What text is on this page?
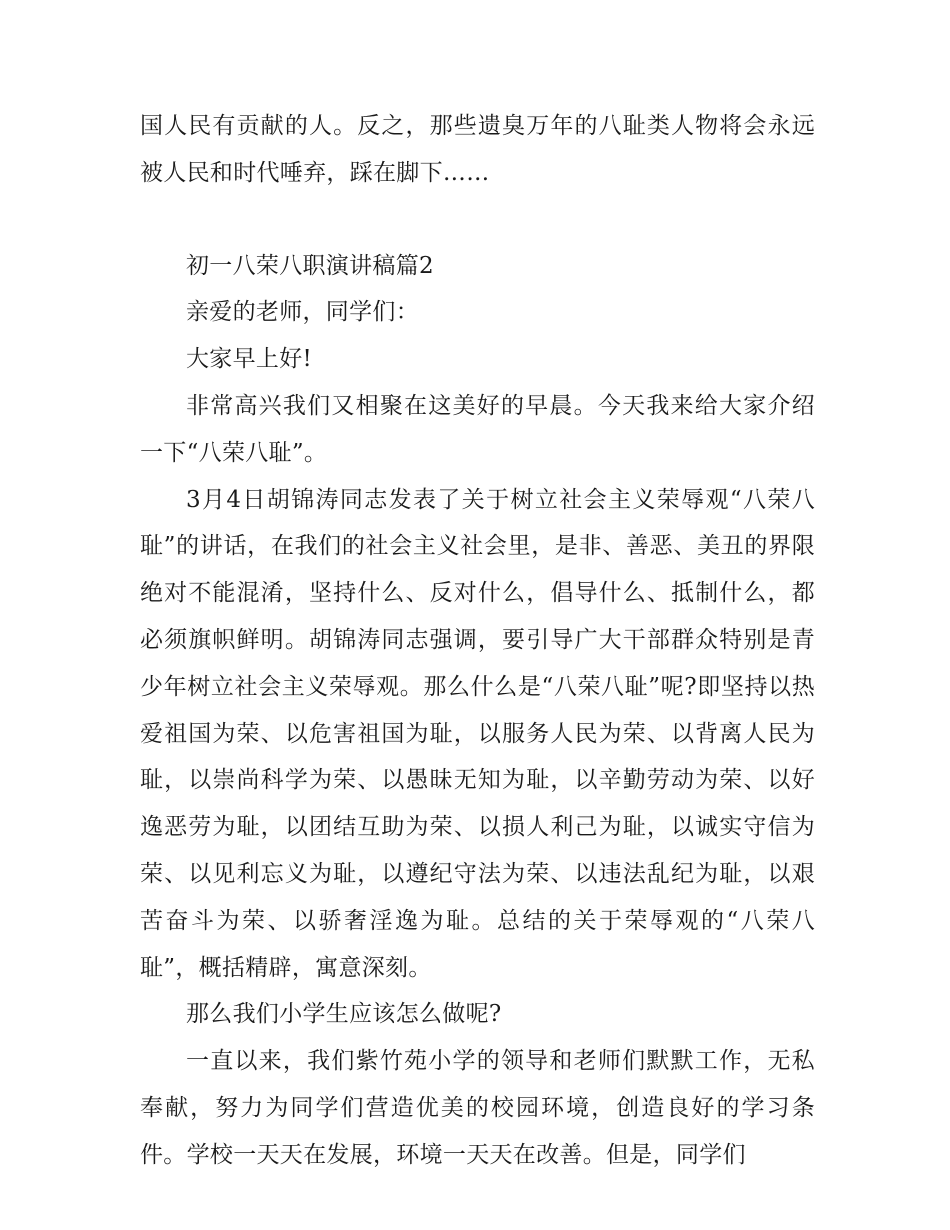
国人民有贡献的人。反之，那些遗臭万年的八耻类人物将会永远被人民和时代唾弃，踩在脚下……

初一八荣八职演讲稿篇2

亲爱的老师，同学们：

大家早上好!

非常高兴我们又相聚在这美好的早晨。今天我来给大家介绍一下“八荣八耻”。

3月4日胡锦涛同志发表了关于树立社会主义荣辱观“八荣八耻”的讲话，在我们的社会主义社会里，是非、善恶、美丑的界限绝对不能混淆，坚持什么、反对什么，倡导什么、抵制什么，都必须旗帜鲜明。胡锦涛同志强调，要引导广大干部群众特别是青少年树立社会主义荣辱观。那么什么是“八荣八耻”呢?即坚持以热爱祖国为荣、以危害祖国为耻，以服务人民为荣、以背离人民为耻，以崇尚科学为荣、以愚昧无知为耻，以辛勤劳动为荣、以好逸恶劳为耻，以团结互助为荣、以损人利己为耻，以诚实守信为荣、以见利忘义为耻，以遵纪守法为荣、以违法乱纪为耻，以艰苦奋斗为荣、以骄奢淫逸为耻。总结的关于荣辱观的“八荣八耻”，概括精辟，寓意深刻。

那么我们小学生应该怎么做呢?

一直以来，我们紫竹苑小学的领导和老师们默默工作，无私奉献，努力为同学们营造优美的校园环境，创造良好的学习条件。学校一天天在发展，环境一天天在改善。但是，同学们
